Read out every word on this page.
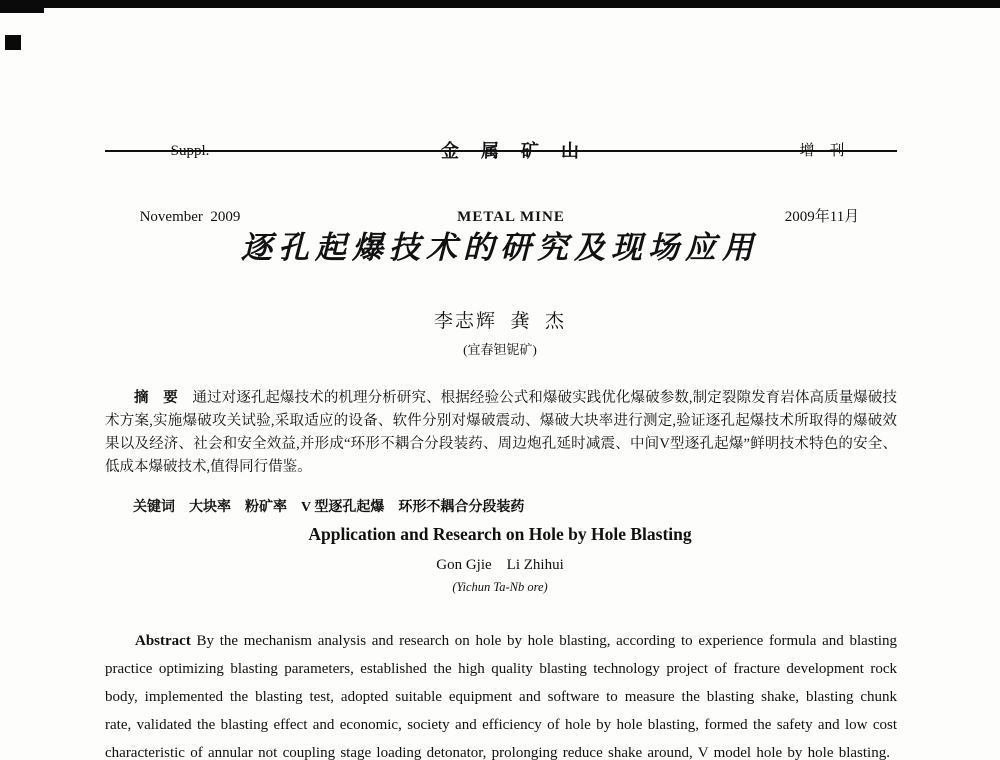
Suppl.

November  2009

金　属　矿　山

METAL MINE

增　刊

2009年11月

逐孔起爆技术的研究及现场应用
李志辉  龚  杰
(宜春钽铌矿)

摘　要　通过对逐孔起爆技术的机理分析研究、根据经验公式和爆破实践优化爆破参数,制定裂隙发育岩体高质量爆破技术方案,实施爆破攻关试验,采取适应的设备、软件分别对爆破震动、爆破大块率进行测定,验证逐孔起爆技术所取得的爆破效果以及经济、社会和安全效益,并形成“环形不耦合分段装药、周边炮孔延时减震、中间V型逐孔起爆”鲜明技术特色的安全、低成本爆破技术,值得同行借鉴。

关键词　大块率　粉矿率　V 型逐孔起爆　环形不耦合分段装药

Application and Research on Hole by Hole Blasting
Gon Gjie    Li Zhihui
(Yichun Ta-Nb ore)

Abstract By the mechanism analysis and research on hole by hole blasting, according to experience formula and blasting practice optimizing blasting parameters, established the high quality blasting technology project of fracture development rock body, implemented the blasting test, adopted suitable equipment and software to measure the blasting shake, blasting chunk rate, validated the blasting effect and economic, society and efficiency of hole by hole blasting, formed the safety and low cost characteristic of annular not coupling stage loading detonator, prolonging reduce shake around, V model hole by hole blasting.
